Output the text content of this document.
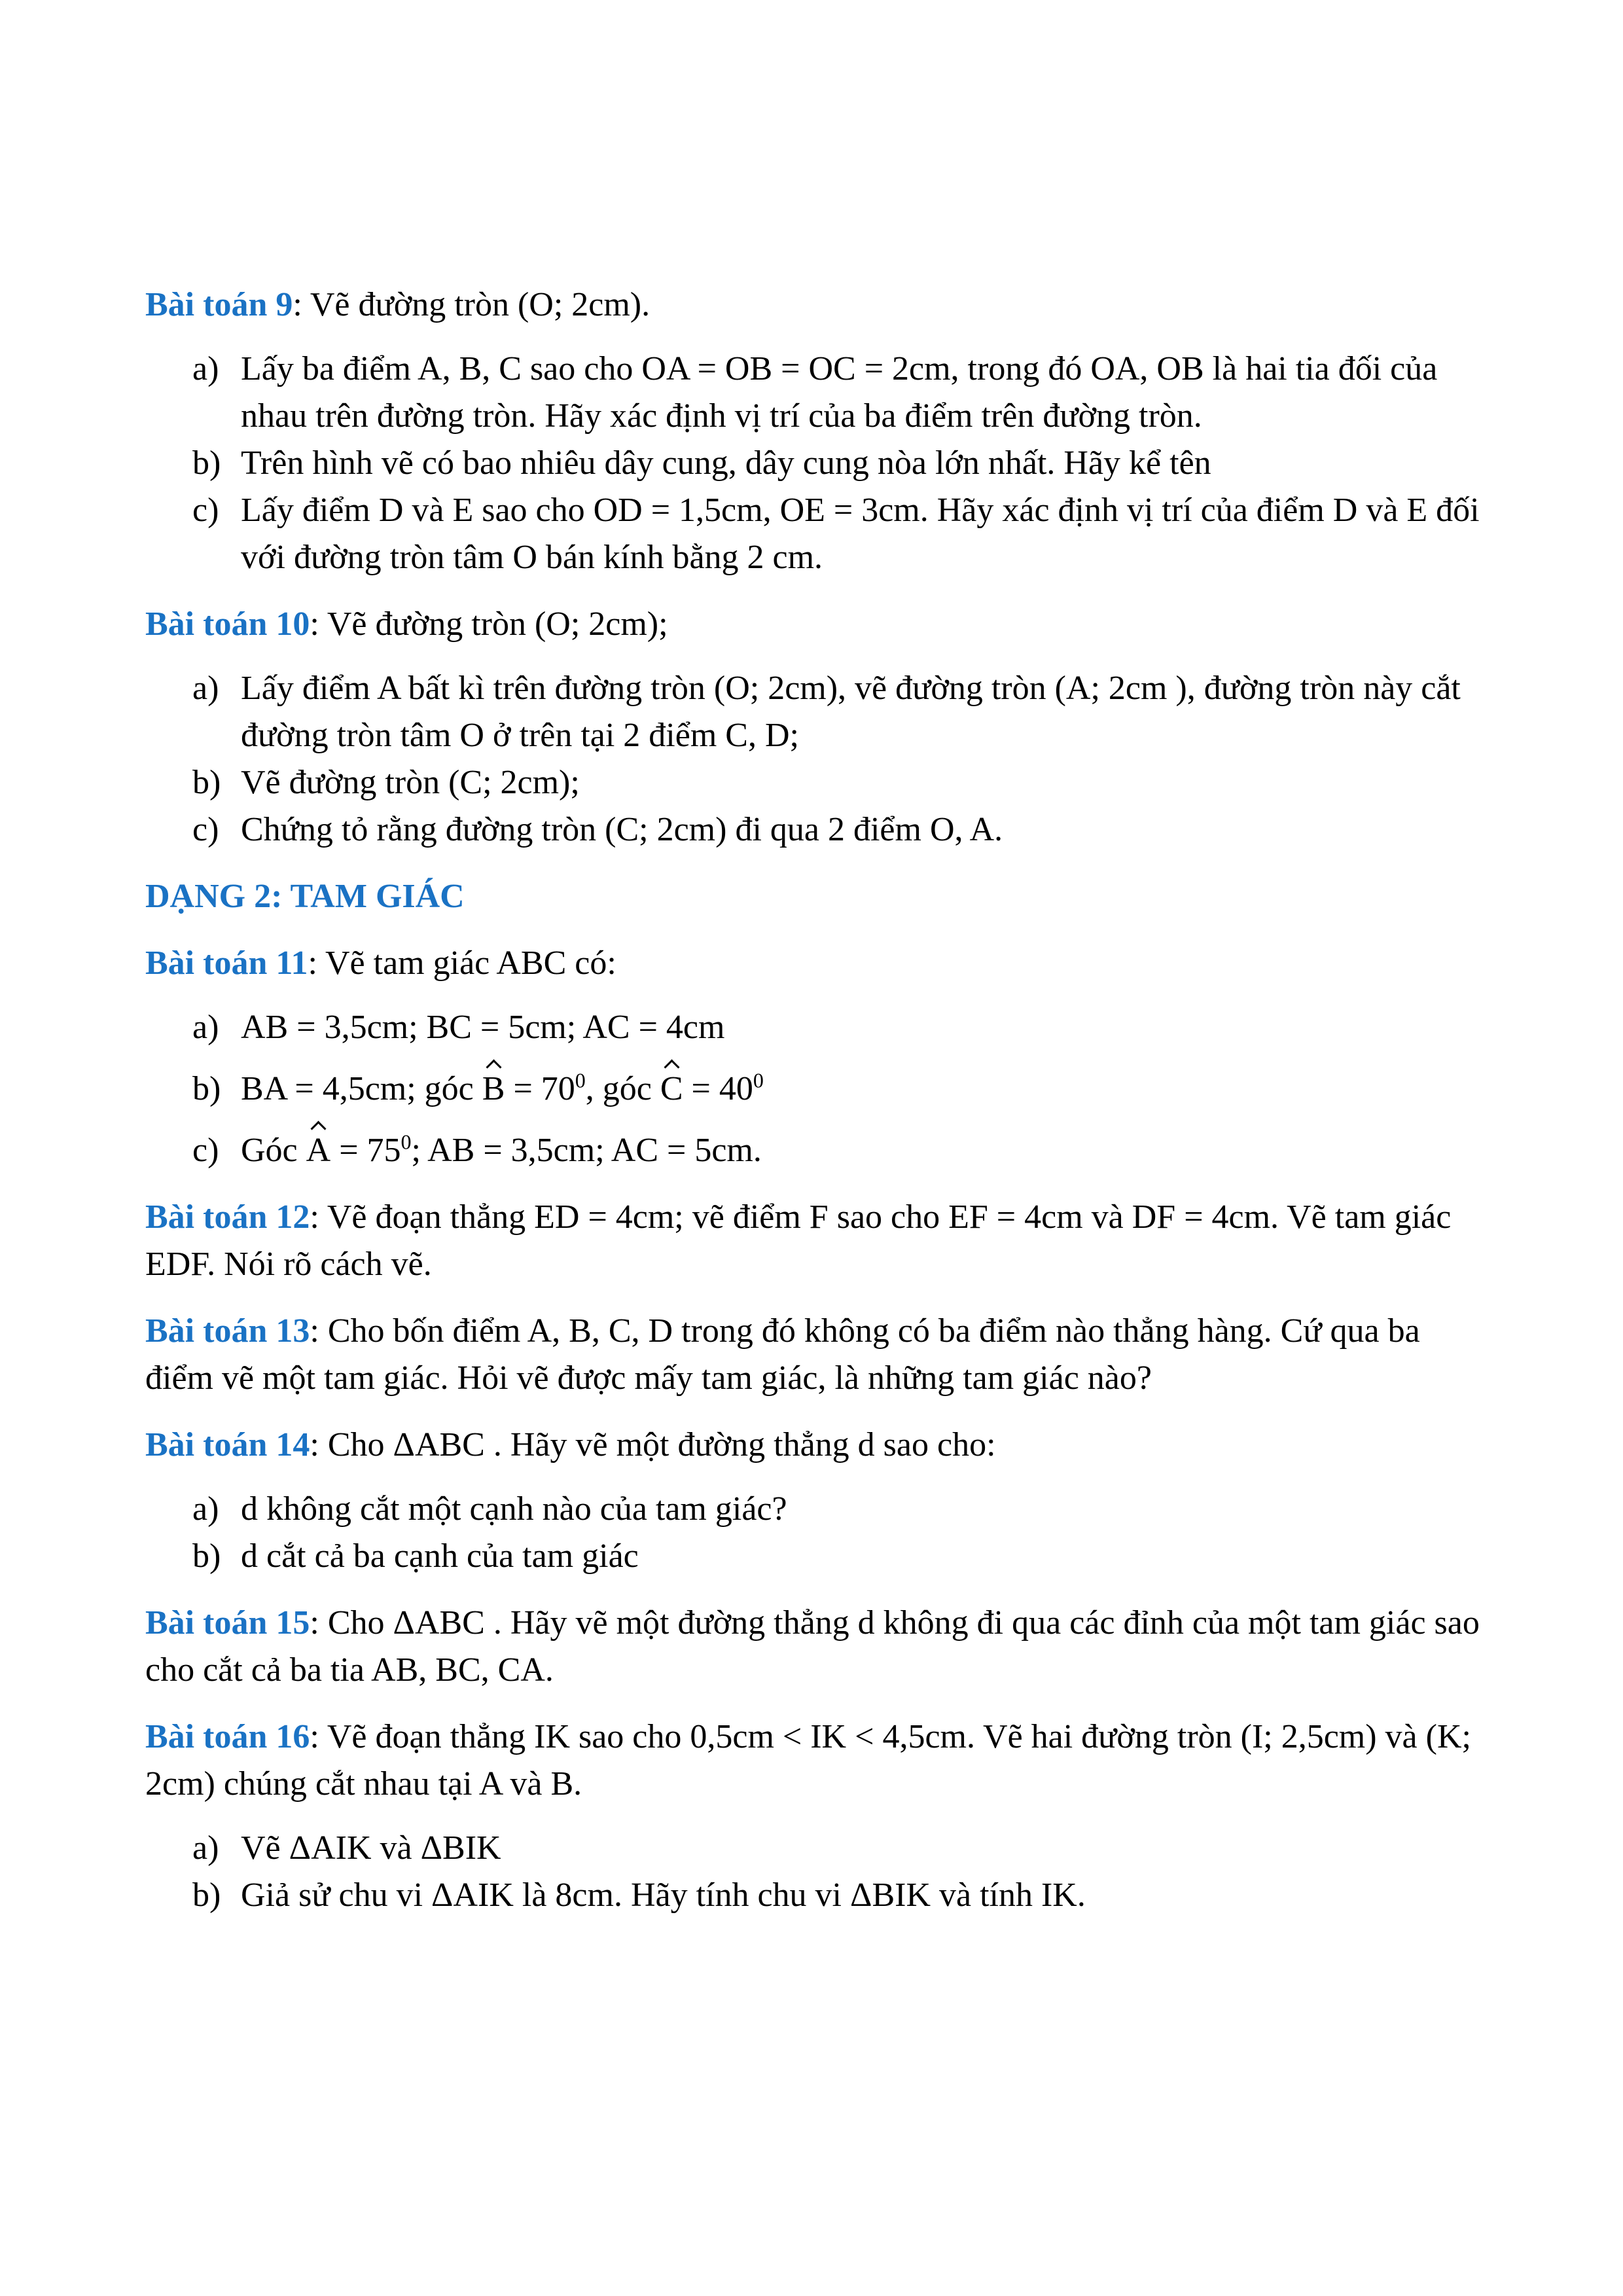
Bài toán 9: Vẽ đường tròn (O; 2cm).

a) Lấy ba điểm A, B, C sao cho OA = OB = OC = 2cm, trong đó OA, OB là hai tia đối của nhau trên đường tròn. Hãy xác định vị trí của ba điểm trên đường tròn.
b) Trên hình vẽ có bao nhiêu dây cung, dây cung nòa lớn nhất. Hãy kể tên
c) Lấy điểm D và E sao cho OD = 1,5cm, OE = 3cm. Hãy xác định vị trí của điểm D và E đối với đường tròn tâm O bán kính bằng 2 cm.

Bài toán 10: Vẽ đường tròn (O; 2cm);

a) Lấy điểm A bất kì trên đường tròn (O; 2cm), vẽ đường tròn (A; 2cm ), đường tròn này cắt đường tròn tâm O ở trên tại 2 điểm C, D;
b) Vẽ đường tròn (C; 2cm);
c) Chứng tỏ rằng đường tròn (C; 2cm) đi qua 2 điểm O, A.

DẠNG 2: TAM GIÁC

Bài toán 11: Vẽ tam giác ABC có:

a) AB = 3,5cm; BC = 5cm; AC = 4cm
b) BA = 4,5cm; góc $B = 70^0$, góc $C = 40^0$
c) Góc $A = 75^0$; AB = 3,5cm; AC = 5cm.

Bài toán 12: Vẽ đoạn thẳng ED = 4cm; vẽ điểm F sao cho EF = 4cm và DF = 4cm. Vẽ tam giác EDF. Nói rõ cách vẽ.

Bài toán 13: Cho bốn điểm A, B, C, D trong đó không có ba điểm nào thẳng hàng. Cứ qua ba điểm vẽ một tam giác. Hỏi vẽ được mấy tam giác, là những tam giác nào?

Bài toán 14: Cho ΔABC . Hãy vẽ một đường thẳng d sao cho:

a) d không cắt một cạnh nào của tam giác?
b) d cắt cả ba cạnh của tam giác

Bài toán 15: Cho ΔABC . Hãy vẽ một đường thẳng d không đi qua các đỉnh của một tam giác sao cho cắt cả ba tia AB, BC, CA.

Bài toán 16: Vẽ đoạn thẳng IK sao cho 0,5cm < IK < 4,5cm. Vẽ hai đường tròn (I; 2,5cm) và (K; 2cm) chúng cắt nhau tại A và B.

a) Vẽ ΔAIK và ΔBIK
b) Giả sử chu vi ΔAIK là 8cm. Hãy tính chu vi ΔBIK và tính IK.
